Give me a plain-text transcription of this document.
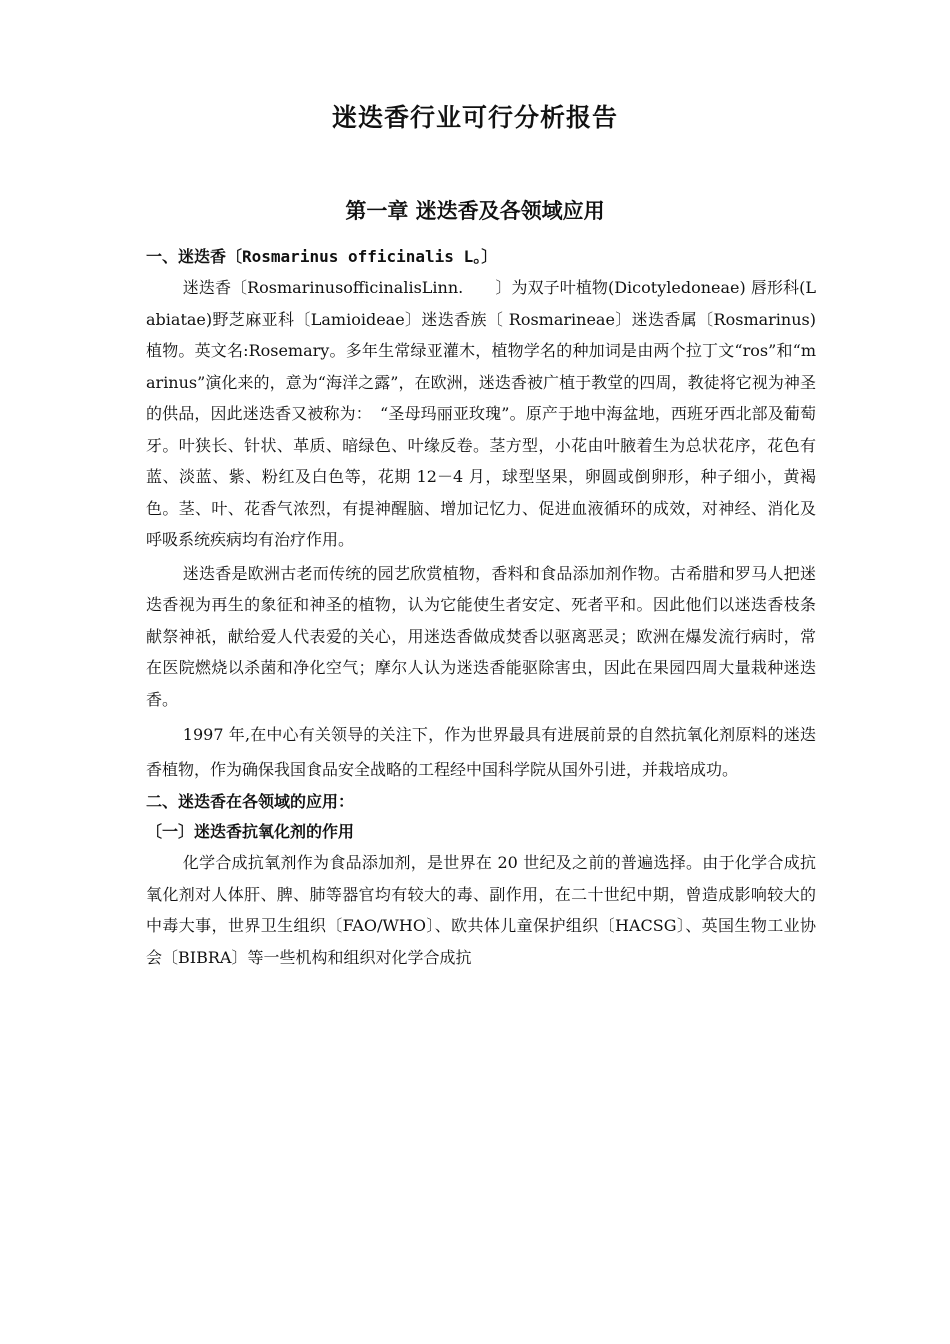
迷迭香行业可行分析报告
第一章 迷迭香及各领域应用

一、迷迭香〔Rosmarinus officinalis L。〕

迷迭香〔RosmarinusofficinalisLinn.　　〕为双子叶植物(Dicotyledoneae) 唇形科(Labiatae)野芝麻亚科〔Lamioideae〕迷迭香族〔 Rosmarineae〕迷迭香属〔Rosmarinus)植物。英文名:Rosemary。多年生常绿亚灌木，植物学名的种加词是由两个拉丁文“ros”和“marinus”演化来的，意为“海洋之露”，在欧洲，迷迭香被广植于教堂的四周，教徒将它视为神圣的供品，因此迷迭香又被称为：　“圣母玛丽亚玫瑰”。原产于地中海盆地，西班牙西北部及葡萄牙。叶狭长、针状、革质、暗绿色、叶缘反卷。茎方型，小花由叶腋着生为总状花序，花色有蓝、淡蓝、紫、粉红及白色等，花期 12－4 月，球型坚果，卵圆或倒卵形，种子细小，黄褐色。茎、叶、花香气浓烈，有提神醒脑、增加记忆力、促进血液循环的成效，对神经、消化及呼吸系统疾病均有治疗作用。

迷迭香是欧洲古老而传统的园艺欣赏植物，香料和食品添加剂作物。古希腊和罗马人把迷迭香视为再生的象征和神圣的植物，认为它能使生者安定、死者平和。因此他们以迷迭香枝条献祭神祇，献给爱人代表爱的关心，用迷迭香做成焚香以驱离恶灵；欧洲在爆发流行病时，常在医院燃烧以杀菌和净化空气；摩尔人认为迷迭香能驱除害虫，因此在果园四周大量栽种迷迭香。

1997 年,在中心有关领导的关注下，作为世界最具有进展前景的自然抗氧化剂原料的迷迭香植物，作为确保我国食品安全战略的工程经中国科学院从国外引进，并栽培成功。

二、迷迭香在各领域的应用：

〔一〕迷迭香抗氧化剂的作用

化学合成抗氧剂作为食品添加剂，是世界在 20 世纪及之前的普遍选择。由于化学合成抗氧化剂对人体肝、脾、肺等器官均有较大的毒、副作用，在二十世纪中期，曾造成影响较大的中毒大事，世界卫生组织〔FAO/WHO〕、欧共体儿童保护组织〔HACSG〕、英国生物工业协会〔BIBRA〕等一些机构和组织对化学合成抗
